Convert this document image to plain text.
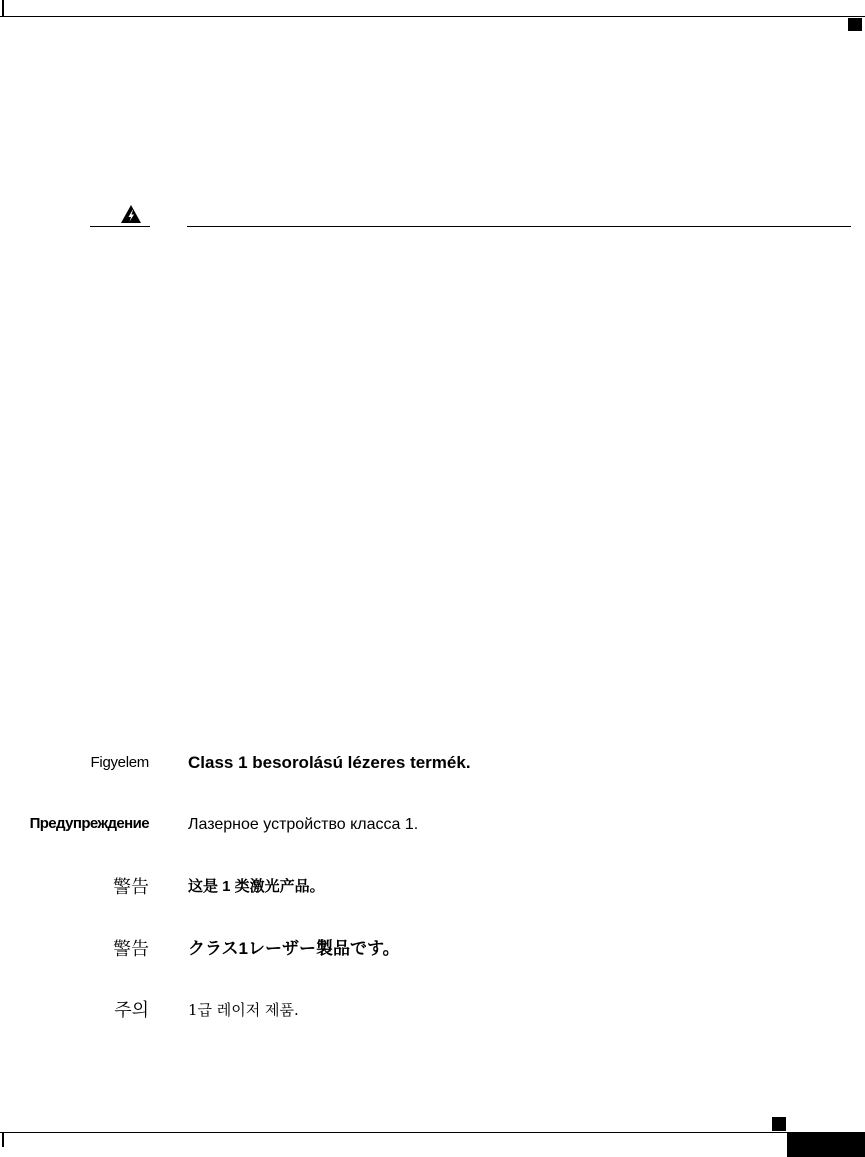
Figyelem Class 1 besorolású lézeres termék.
Предупреждение Лазерное устройство класса 1.
警告	这是 1 类激光产品。
警告 クラス1レーザー製品です。
주의	1급 레이저 제품.
